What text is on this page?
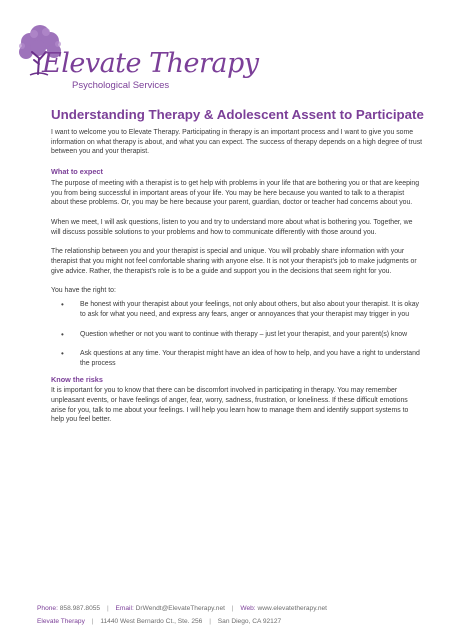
Elevate Therapy
Psychological Services
Understanding Therapy & Adolescent Assent to Participate

I want to welcome you to Elevate Therapy. Participating in therapy is an important process and I want to give you some information on what therapy is about, and what you can expect. The success of therapy depends on a high degree of trust between you and your therapist.

What to expect

The purpose of meeting with a therapist is to get help with problems in your life that are bothering you or that are keeping you from being successful in important areas of your life. You may be here because you wanted to talk to a therapist about these problems. Or, you may be here because your parent, guardian, doctor or teacher had concerns about you.

When we meet, I will ask questions, listen to you and try to understand more about what is bothering you. Together, we will discuss possible solutions to your problems and how to communicate differently with those around you.

The relationship between you and your therapist is special and unique. You will probably share information with your therapist that you might not feel comfortable sharing with anyone else. It is not your therapist’s job to make judgments or give advice. Rather, the therapist’s role is to be a guide and support you in the decisions that seem right for you.

You have the right to:

• Be honest with your therapist about your feelings, not only about others, but also about your therapist. It is okay to ask for what you need, and express any fears, anger or annoyances that your therapist may trigger in you
• Question whether or not you want to continue with therapy – just let your therapist, and your parent(s) know
• Ask questions at any time. Your therapist might have an idea of how to help, and you have a right to understand the process
Know the risks

It is important for you to know that there can be discomfort involved in participating in therapy. You may remember unpleasant events, or have feelings of anger, fear, worry, sadness, frustration, or loneliness. If these difficult emotions arise for you, talk to me about your feelings. I will help you learn how to manage them and identify support systems to help you feel better.

Phone: 858.987.8055 | Email: DrWendt@ElevateTherapy.net | Web: www.elevatetherapy.net
Elevate Therapy | 11440 West Bernardo Ct., Ste. 256 | San Diego, CA 92127
